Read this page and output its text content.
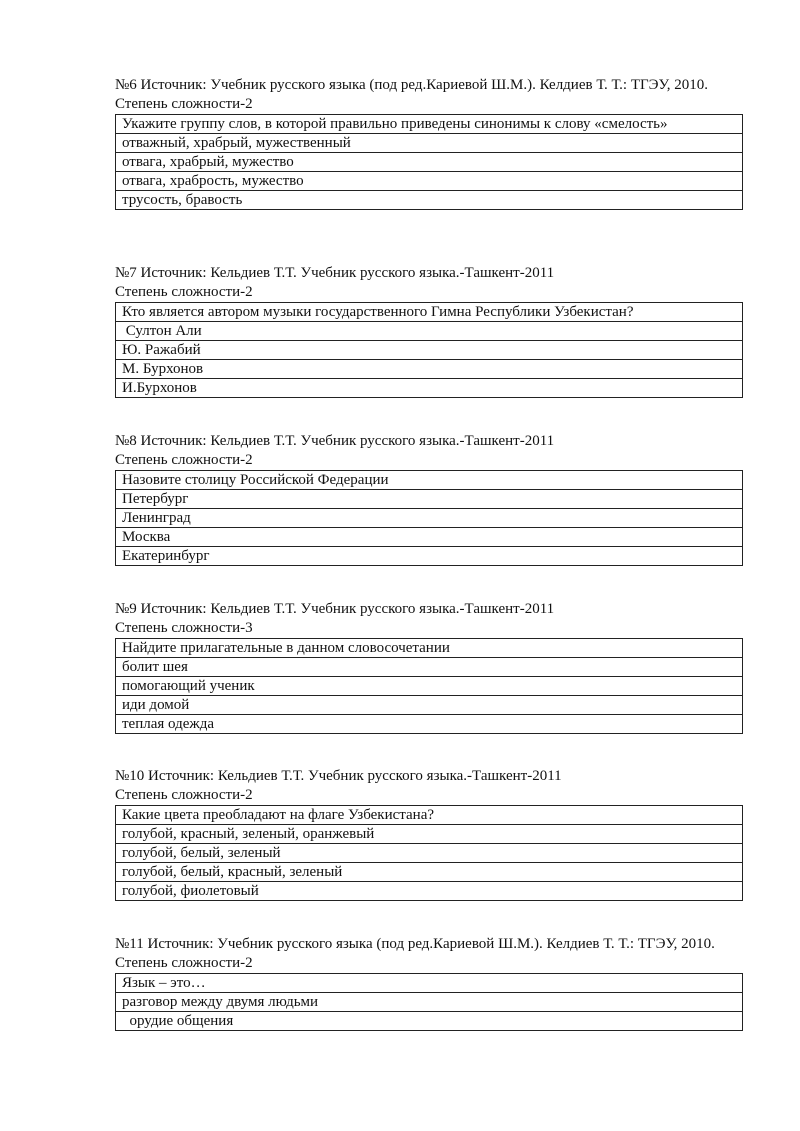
№6 Источник: Учебник русского языка (под ред.Кариевой Ш.М.). Келдиев Т. Т.: ТГЭУ, 2010.

Степень сложности-2

Укажите группу слов, в которой правильно приведены синонимы к слову «смелость»
отважный, храбрый, мужественный
отвага, храбрый, мужество
отвага, храбрость, мужество
трусость, бравость

№7 Источник: Кельдиев Т.Т. Учебник русского языка.-Ташкент-2011

Степень сложности-2

Кто является автором музыки государственного Гимна Республики Узбекистан?
Султон Али
Ю. Ражабий
М. Бурхонов
И.Бурхонов

№8 Источник: Кельдиев Т.Т. Учебник русского языка.-Ташкент-2011

Степень сложности-2

Назовите столицу Российской Федерации
Петербург
Ленинград
Москва
Екатеринбург

№9 Источник: Кельдиев Т.Т. Учебник русского языка.-Ташкент-2011

Степень сложности-3

Найдите прилагательные в данном словосочетании
болит шея
помогающий ученик
иди домой
теплая одежда

№10 Источник: Кельдиев Т.Т. Учебник русского языка.-Ташкент-2011

Степень сложности-2

Какие цвета преобладают на флаге Узбекистана?
голубой, красный, зеленый, оранжевый
голубой, белый, зеленый
голубой, белый, красный, зеленый
голубой, фиолетовый

№11 Источник: Учебник русского языка (под ред.Кариевой Ш.М.). Келдиев Т. Т.: ТГЭУ, 2010.

Степень сложности-2

Язык – это…
разговор между двумя людьми
орудие общения
